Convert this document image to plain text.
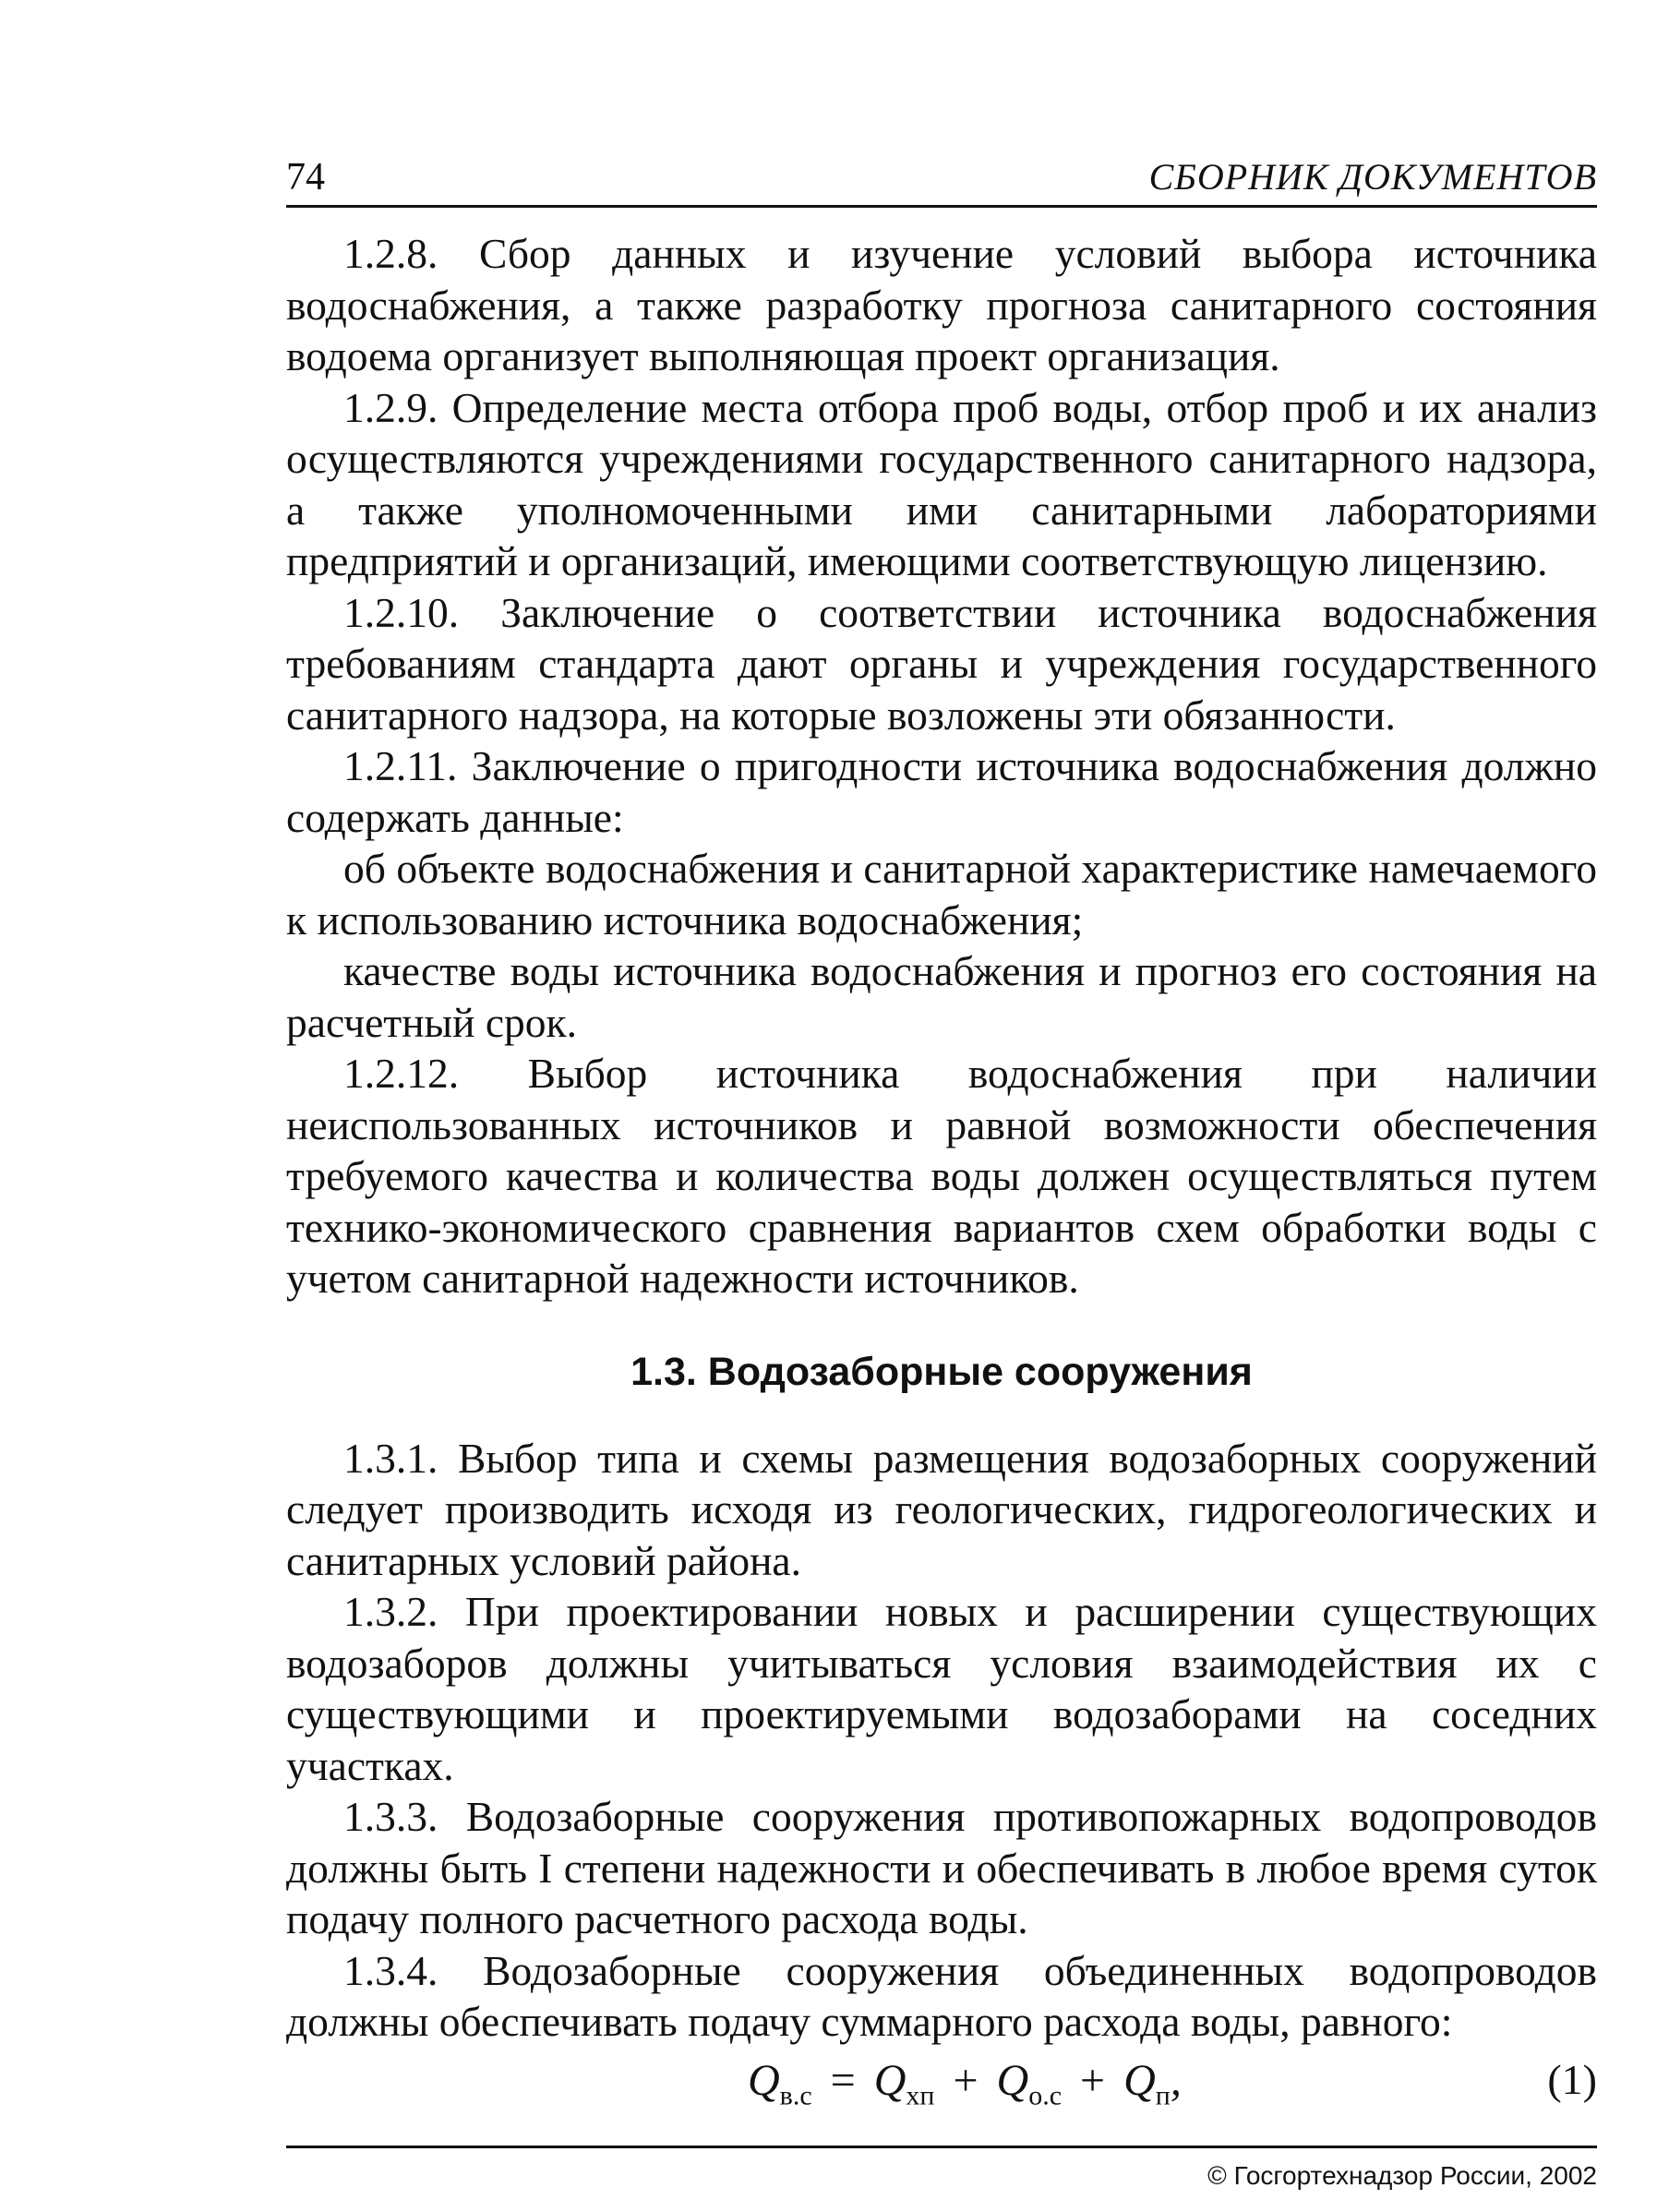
74	СБОРНИК ДОКУМЕНТОВ

1.2.8. Сбор данных и изучение условий выбора источника водоснабжения, а также разработку прогноза санитарного состояния водоема организует выполняющая проект организация.

1.2.9. Определение места отбора проб воды, отбор проб и их анализ осуществляются учреждениями государственного санитарного надзора, а также уполномоченными ими санитарными лабораториями предприятий и организаций, имеющими соответствующую лицензию.

1.2.10. Заключение о соответствии источника водоснабжения требованиям стандарта дают органы и учреждения государственного санитарного надзора, на которые возложены эти обязанности.

1.2.11. Заключение о пригодности источника водоснабжения должно содержать данные:

об объекте водоснабжения и санитарной характеристике намечаемого к использованию источника водоснабжения;

качестве воды источника водоснабжения и прогноз его состояния на расчетный срок.

1.2.12. Выбор источника водоснабжения при наличии неиспользованных источников и равной возможности обеспечения требуемого качества и количества воды должен осуществляться путем технико-экономического сравнения вариантов схем обработки воды с учетом санитарной надежности источников.

1.3. Водозаборные сооружения

1.3.1. Выбор типа и схемы размещения водозаборных сооружений следует производить исходя из геологических, гидрогеологических и санитарных условий района.

1.3.2. При проектировании новых и расширении существующих водозаборов должны учитываться условия взаимодействия их с существующими и проектируемыми водозаборами на соседних участках.

1.3.3. Водозаборные сооружения противопожарных водопроводов должны быть I степени надежности и обеспечивать в любое время суток подачу полного расчетного расхода воды.

1.3.4. Водозаборные сооружения объединенных водопроводов должны обеспечивать подачу суммарного расхода воды, равного:

$Q_{в.с} = Q_{хп} + Q_{о.с} + Q_п$,	(1)
© Госгортехнадзор России, 2002
